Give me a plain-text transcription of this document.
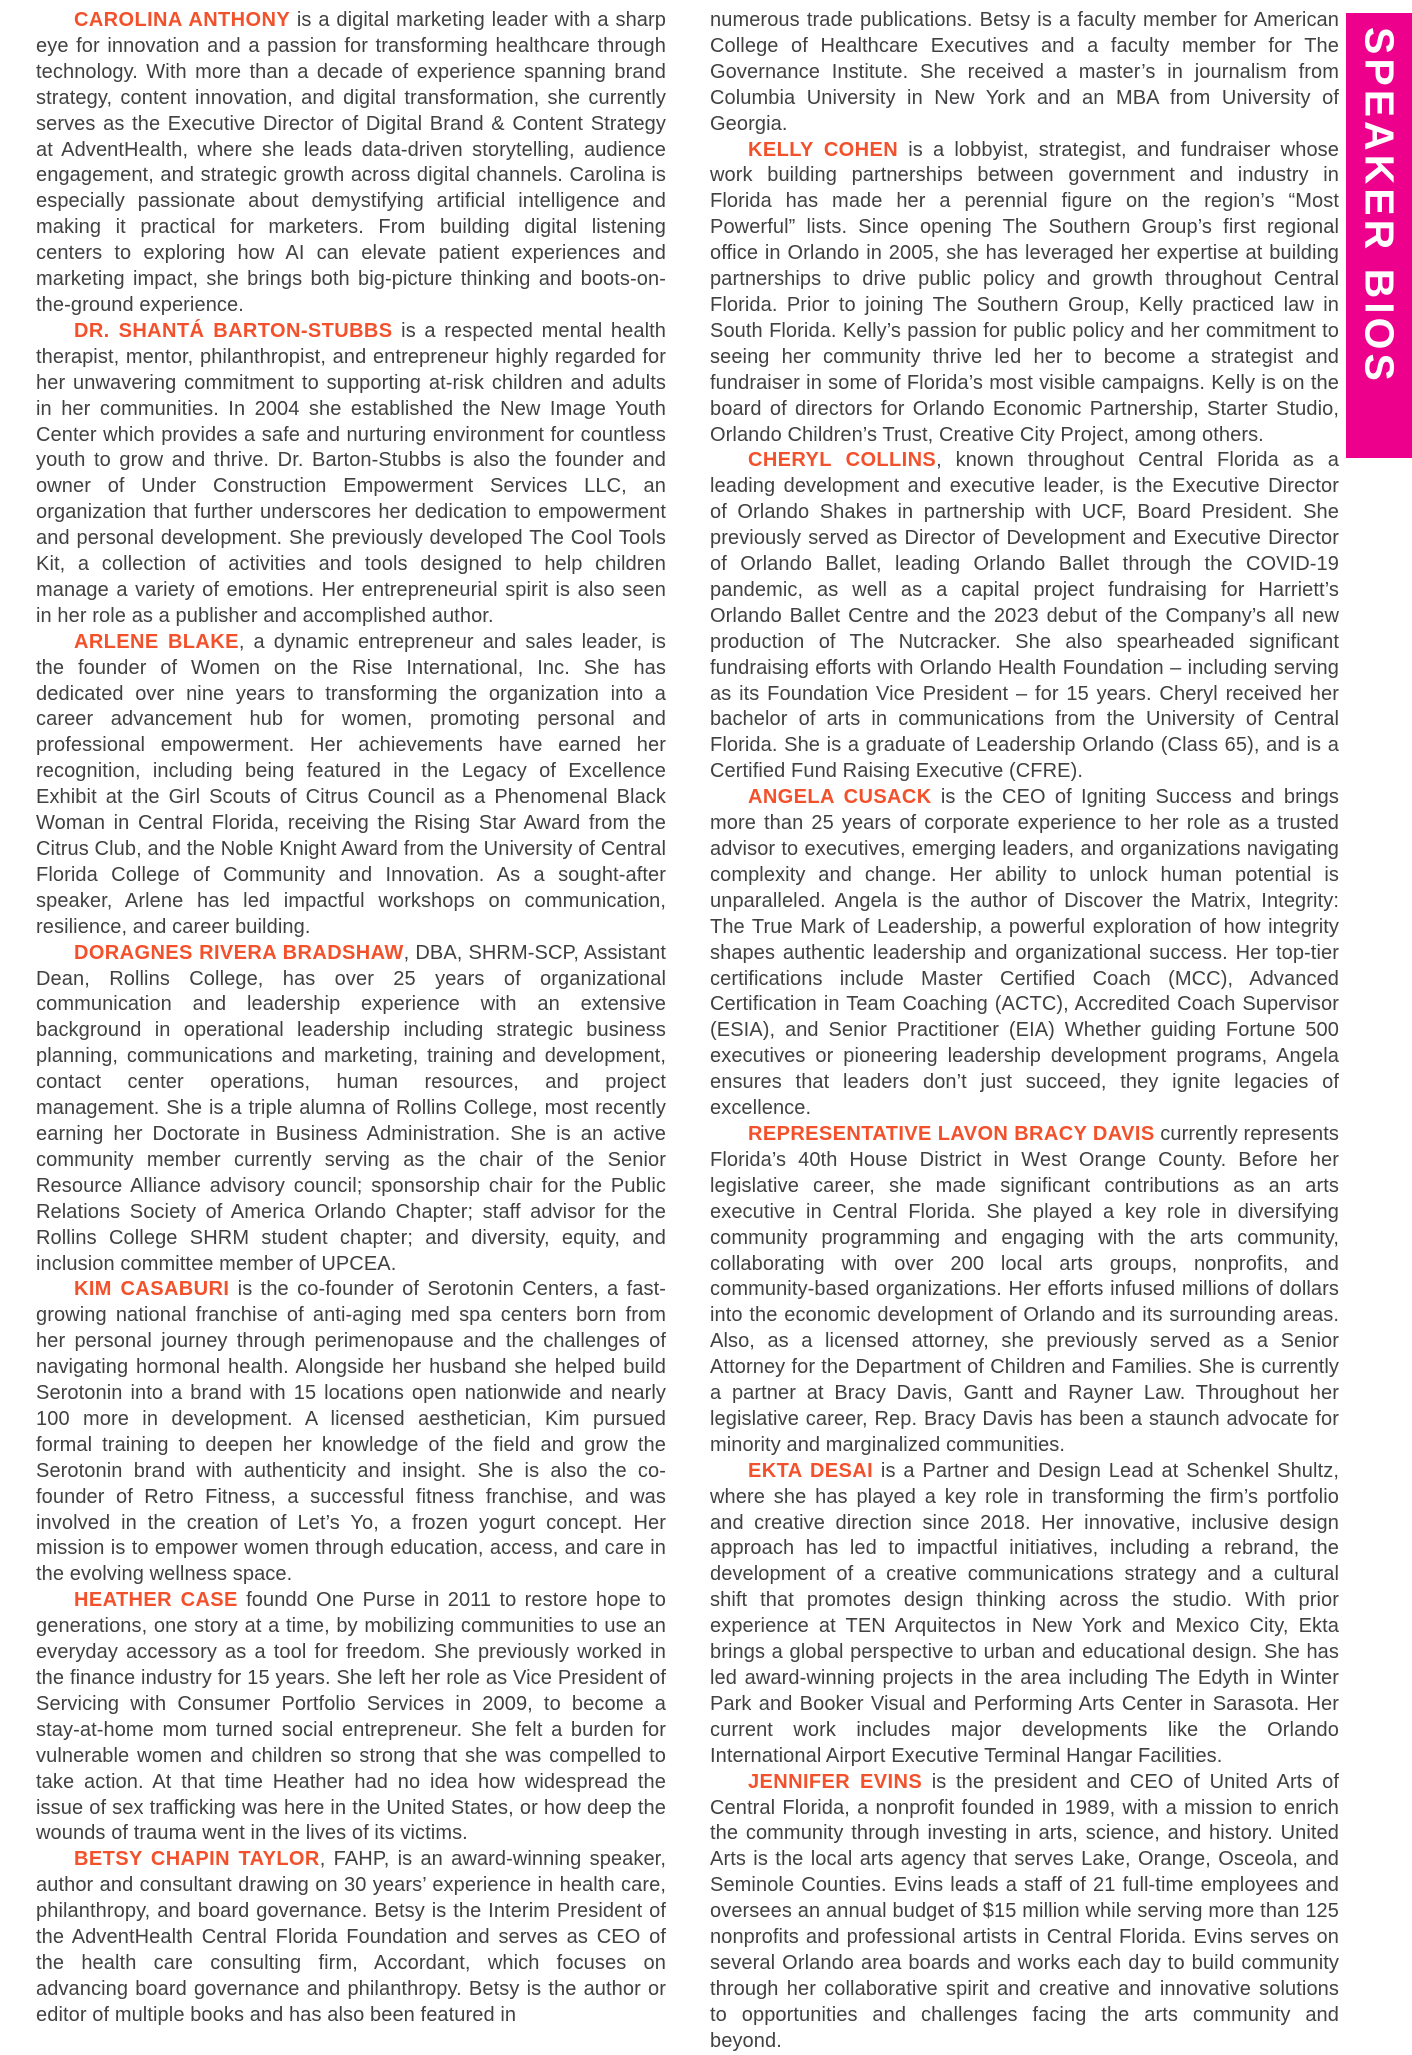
CAROLINA ANTHONY is a digital marketing leader with a sharp eye for innovation and a passion for transforming healthcare through technology. With more than a decade of experience spanning brand strategy, content innovation, and digital transformation, she currently serves as the Executive Director of Digital Brand & Content Strategy at AdventHealth, where she leads data-driven storytelling, audience engagement, and strategic growth across digital channels. Carolina is especially passionate about demystifying artificial intelligence and making it practical for marketers. From building digital listening centers to exploring how AI can elevate patient experiences and marketing impact, she brings both big-picture thinking and boots-on-the-ground experience.

DR. SHANTÁ BARTON-STUBBS is a respected mental health therapist, mentor, philanthropist, and entrepreneur highly regarded for her unwavering commitment to supporting at-risk children and adults in her communities. In 2004 she established the New Image Youth Center which provides a safe and nurturing environment for countless youth to grow and thrive. Dr. Barton-Stubbs is also the founder and owner of Under Construction Empowerment Services LLC, an organization that further underscores her dedication to empowerment and personal development. She previously developed The Cool Tools Kit, a collection of activities and tools designed to help children manage a variety of emotions. Her entrepreneurial spirit is also seen in her role as a publisher and accomplished author.

ARLENE BLAKE, a dynamic entrepreneur and sales leader, is the founder of Women on the Rise International, Inc. She has dedicated over nine years to transforming the organization into a career advancement hub for women, promoting personal and professional empowerment. Her achievements have earned her recognition, including being featured in the Legacy of Excellence Exhibit at the Girl Scouts of Citrus Council as a Phenomenal Black Woman in Central Florida, receiving the Rising Star Award from the Citrus Club, and the Noble Knight Award from the University of Central Florida College of Community and Innovation. As a sought-after speaker, Arlene has led impactful workshops on communication, resilience, and career building.

DORAGNES RIVERA BRADSHAW, DBA, SHRM-SCP, Assistant Dean, Rollins College, has over 25 years of organizational communication and leadership experience with an extensive background in operational leadership including strategic business planning, communications and marketing, training and development, contact center operations, human resources, and project management. She is a triple alumna of Rollins College, most recently earning her Doctorate in Business Administration. She is an active community member currently serving as the chair of the Senior Resource Alliance advisory council; sponsorship chair for the Public Relations Society of America Orlando Chapter; staff advisor for the Rollins College SHRM student chapter; and diversity, equity, and inclusion committee member of UPCEA.

KIM CASABURI is the co-founder of Serotonin Centers, a fast-growing national franchise of anti-aging med spa centers born from her personal journey through perimenopause and the challenges of navigating hormonal health. Alongside her husband she helped build Serotonin into a brand with 15 locations open nationwide and nearly 100 more in development. A licensed aesthetician, Kim pursued formal training to deepen her knowledge of the field and grow the Serotonin brand with authenticity and insight. She is also the co-founder of Retro Fitness, a successful fitness franchise, and was involved in the creation of Let’s Yo, a frozen yogurt concept. Her mission is to empower women through education, access, and care in the evolving wellness space.

HEATHER CASE foundd One Purse in 2011 to restore hope to generations, one story at a time, by mobilizing communities to use an everyday accessory as a tool for freedom. She previously worked in the finance industry for 15 years. She left her role as Vice President of Servicing with Consumer Portfolio Services in 2009, to become a stay-at-home mom turned social entrepreneur. She felt a burden for vulnerable women and children so strong that she was compelled to take action. At that time Heather had no idea how widespread the issue of sex trafficking was here in the United States, or how deep the wounds of trauma went in the lives of its victims.

BETSY CHAPIN TAYLOR, FAHP, is an award-winning speaker, author and consultant drawing on 30 years’ experience in health care, philanthropy, and board governance. Betsy is the Interim President of the AdventHealth Central Florida Foundation and serves as CEO of the health care consulting firm, Accordant, which focuses on advancing board governance and philanthropy. Betsy is the author or editor of multiple books and has also been featured in

numerous trade publications. Betsy is a faculty member for American College of Healthcare Executives and a faculty member for The Governance Institute. She received a master’s in journalism from Columbia University in New York and an MBA from University of Georgia.

KELLY COHEN is a lobbyist, strategist, and fundraiser whose work building partnerships between government and industry in Florida has made her a perennial figure on the region’s “Most Powerful” lists. Since opening The Southern Group’s first regional office in Orlando in 2005, she has leveraged her expertise at building partnerships to drive public policy and growth throughout Central Florida. Prior to joining The Southern Group, Kelly practiced law in South Florida. Kelly’s passion for public policy and her commitment to seeing her community thrive led her to become a strategist and fundraiser in some of Florida’s most visible campaigns. Kelly is on the board of directors for Orlando Economic Partnership, Starter Studio, Orlando Children’s Trust, Creative City Project, among others.

CHERYL COLLINS, known throughout Central Florida as a leading development and executive leader, is the Executive Director of Orlando Shakes in partnership with UCF, Board President. She previously served as Director of Development and Executive Director of Orlando Ballet, leading Orlando Ballet through the COVID-19 pandemic, as well as a capital project fundraising for Harriett’s Orlando Ballet Centre and the 2023 debut of the Company’s all new production of The Nutcracker. She also spearheaded significant fundraising efforts with Orlando Health Foundation – including serving as its Foundation Vice President – for 15 years. Cheryl received her bachelor of arts in communications from the University of Central Florida. She is a graduate of Leadership Orlando (Class 65), and is a Certified Fund Raising Executive (CFRE).

ANGELA CUSACK is the CEO of Igniting Success and brings more than 25 years of corporate experience to her role as a trusted advisor to executives, emerging leaders, and organizations navigating complexity and change. Her ability to unlock human potential is unparalleled. Angela is the author of Discover the Matrix, Integrity: The True Mark of Leadership, a powerful exploration of how integrity shapes authentic leadership and organizational success. Her top-tier certifications include Master Certified Coach (MCC), Advanced Certification in Team Coaching (ACTC), Accredited Coach Supervisor (ESIA), and Senior Practitioner (EIA) Whether guiding Fortune 500 executives or pioneering leadership development programs, Angela ensures that leaders don’t just succeed, they ignite legacies of excellence.

REPRESENTATIVE LAVON BRACY DAVIS currently represents Florida’s 40th House District in West Orange County. Before her legislative career, she made significant contributions as an arts executive in Central Florida. She played a key role in diversifying community programming and engaging with the arts community, collaborating with over 200 local arts groups, nonprofits, and community-based organizations. Her efforts infused millions of dollars into the economic development of Orlando and its surrounding areas. Also, as a licensed attorney, she previously served as a Senior Attorney for the Department of Children and Families. She is currently a partner at Bracy Davis, Gantt and Rayner Law. Throughout her legislative career, Rep. Bracy Davis has been a staunch advocate for minority and marginalized communities.

EKTA DESAI is a Partner and Design Lead at Schenkel Shultz, where she has played a key role in transforming the firm’s portfolio and creative direction since 2018. Her innovative, inclusive design approach has led to impactful initiatives, including a rebrand, the development of a creative communications strategy and a cultural shift that promotes design thinking across the studio. With prior experience at TEN Arquitectos in New York and Mexico City, Ekta brings a global perspective to urban and educational design. She has led award-winning projects in the area including The Edyth in Winter Park and Booker Visual and Performing Arts Center in Sarasota. Her current work includes major developments like the Orlando International Airport Executive Terminal Hangar Facilities.

JENNIFER EVINS is the president and CEO of United Arts of Central Florida, a nonprofit founded in 1989, with a mission to enrich the community through investing in arts, science, and history. United Arts is the local arts agency that serves Lake, Orange, Osceola, and Seminole Counties. Evins leads a staff of 21 full-time employees and oversees an annual budget of $15 million while serving more than 125 nonprofits and professional artists in Central Florida. Evins serves on several Orlando area boards and works each day to build community through her collaborative spirit and creative and innovative solutions to opportunities and challenges facing the arts community and beyond.

SPEAKER BIOS
